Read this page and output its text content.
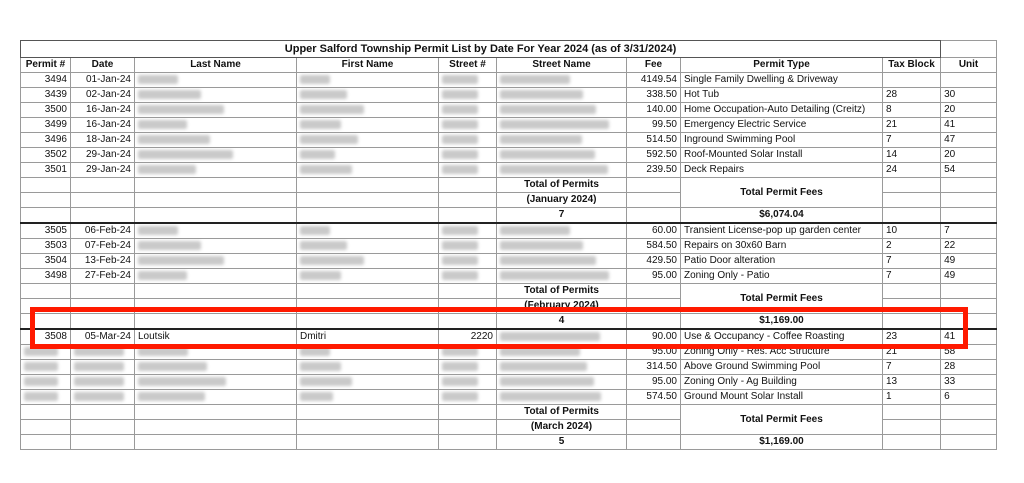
Upper Salford Township Permit List by Date For Year 2024 (as of 3/31/2024)									
Permit #	Date	Last Name	First Name	Street #	Street Name	Fee	Permit Type	Tax Block	Unit
3494	01-Jan-24					4149.54	Single Family Dwelling & Driveway		
3439	02-Jan-24					338.50	Hot Tub	28	30
3500	16-Jan-24					140.00	Home Occupation-Auto Detailing (Creitz)	8	20
3499	16-Jan-24					99.50	Emergency Electric Service	21	41
3496	18-Jan-24					514.50	Inground Swimming Pool	7	47
3502	29-Jan-24					592.50	Roof-Mounted Solar Install	14	20
3501	29-Jan-24					239.50	Deck Repairs	24	54
					Total of Permits		Total Permit Fees		
					(January 2024)				
					7		$6,074.04		
3505	06-Feb-24					60.00	Transient License-pop up garden center	10	7
3503	07-Feb-24					584.50	Repairs on 30x60 Barn	2	22
3504	13-Feb-24					429.50	Patio Door alteration	7	49
3498	27-Feb-24					95.00	Zoning Only - Patio	7	49
					Total of Permits		Total Permit Fees		
					(February 2024)				
					4		$1,169.00		
3508	05-Mar-24	Loutsik	Dmitri	2220		90.00	Use & Occupancy - Coffee Roasting	23	41
						95.00	Zoning Only - Res. Acc Structure	21	58
						314.50	Above Ground Swimming Pool	7	28
						95.00	Zoning Only - Ag Building	13	33
						574.50	Ground Mount Solar Install	1	6
					Total of Permits		Total Permit Fees		
					(March 2024)				
					5		$1,169.00		
